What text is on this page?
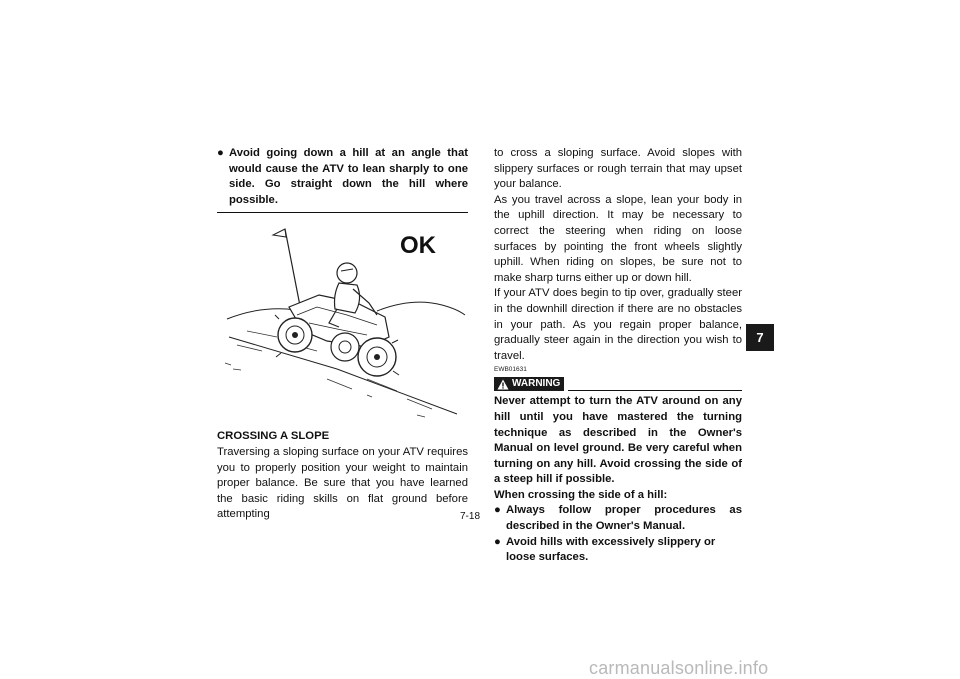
● Avoid going down a hill at an angle that would cause the ATV to lean sharply to one side. Go straight down the hill where possible.
OK
CROSSING A SLOPE
Traversing a sloping surface on your ATV requires you to properly position your weight to maintain proper balance. Be sure that you have learned the basic riding skills on flat ground before attempting
to cross a sloping surface. Avoid slopes with slippery surfaces or rough terrain that may upset your balance.
As you travel across a slope, lean your body in the uphill direction. It may be necessary to correct the steering when riding on loose surfaces by pointing the front wheels slightly uphill. When riding on slopes, be sure not to make sharp turns either up or down hill.
If your ATV does begin to tip over, gradually steer in the downhill direction if there are no obstacles in your path. As you regain proper balance, gradually steer again in the direction you wish to travel.
EWB01631
WARNING
Never attempt to turn the ATV around on any hill until you have mastered the turning technique as described in the Owner's Manual on level ground. Be very careful when turning on any hill. Avoid crossing the side of a steep hill if possible.
When crossing the side of a hill:
● Always follow proper procedures as described in the Owner's Manual.
● Avoid hills with excessively slippery or loose surfaces.
7
7-18
carmanualsonline.info
